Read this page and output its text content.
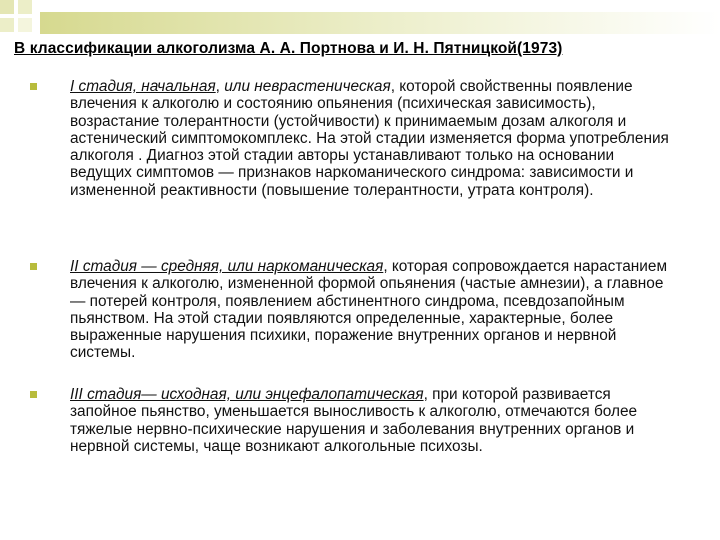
В классификации алкоголизма А. А. Портнова и И. Н. Пятницкой(1973)
I стадия, начальная, или неврастеническая, которой свойственны появление влечения к алкоголю и состоянию опьянения (психическая зависимость), возрастание толерантности (устойчивости) к принимаемым дозам алкоголя и астенический симптомокомплекс. На этой стадии изменяется форма употребления алкоголя . Диагноз этой стадии авторы устанавливают только на основании ведущих симптомов — признаков наркоманического синдрома: зависимости и измененной реактивности (повышение толерантности, утрата контроля).
II стадия — средняя, или наркоманическая, которая сопровождается нарастанием влечения к алкоголю, измененной формой опьянения (частые амнезии), а главное — потерей контроля, появлением абстинентного синдрома, псевдозапойным пьянством. На этой стадии появляются определенные, характерные, более выраженные нарушения психики, поражение внутренних органов и нервной системы.
III стадия— исходная, или энцефалопатическая, при которой развивается запойное пьянство, уменьшается выносливость к алкоголю, отмечаются более тяжелые нервно-психические нарушения и заболевания внутренних органов и нервной системы, чаще возникают алкогольные психозы.
